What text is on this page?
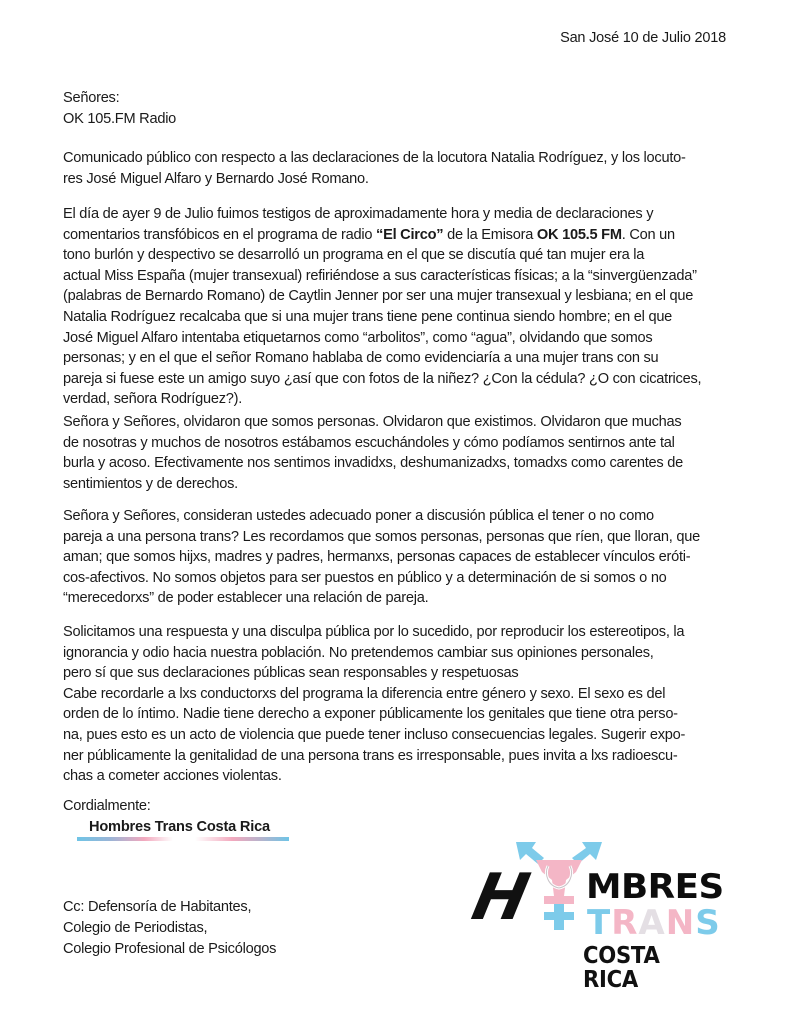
San José 10 de Julio 2018
Señores:
OK 105.FM Radio
Comunicado público con respecto a las declaraciones de la locutora Natalia Rodríguez, y los locuto-
res José Miguel Alfaro y Bernardo José Romano.
El día de ayer 9 de Julio fuimos testigos de aproximadamente hora y media de declaraciones y
comentarios transfóbicos en el programa de radio “El Circo” de la Emisora OK 105.5 FM. Con un
tono burlón y despectivo se desarrolló un programa en el que se discutía qué tan mujer era la
actual Miss España (mujer transexual) refiriéndose a sus características físicas; a la “sinvergüenzada”
(palabras de Bernardo Romano) de Caytlin Jenner por ser una mujer transexual y lesbiana; en el que
Natalia Rodríguez recalcaba que si una mujer trans tiene pene continua siendo hombre; en el que
José Miguel Alfaro intentaba etiquetarnos como “arbolitos”, como “agua”, olvidando que somos
personas; y en el que el señor Romano hablaba de como evidenciaría a una mujer trans con su
pareja si fuese este un amigo suyo ¿así que con fotos de la niñez? ¿Con la cédula? ¿O con cicatrices,
verdad, señora Rodríguez?).
Señora y Señores, olvidaron que somos personas. Olvidaron que existimos. Olvidaron que muchas
de nosotras y muchos de nosotros estábamos escuchándoles y cómo podíamos sentirnos ante tal
burla y acoso. Efectivamente nos sentimos invadidxs, deshumanizadxs, tomadxs como carentes de
sentimientos y de derechos.
Señora y Señores, consideran ustedes adecuado poner a discusión pública el tener o no como
pareja a una persona trans? Les recordamos que somos personas, personas que ríen, que lloran, que
aman; que somos hijxs, madres y padres, hermanxs, personas capaces de establecer vínculos eróti-
cos-afectivos. No somos objetos para ser puestos en público y a determinación de si somos o no
“merecedorxs” de poder establecer una relación de pareja.
Solicitamos una respuesta y una disculpa pública por lo sucedido, por reproducir los estereotipos, la
ignorancia y odio hacia nuestra población. No pretendemos cambiar sus opiniones personales,
pero sí que sus declaraciones públicas sean responsables y respetuosas
Cabe recordarle a lxs conductorxs del programa la diferencia entre género y sexo. El sexo es del
orden de lo íntimo. Nadie tiene derecho a exponer públicamente los genitales que tiene otra perso-
na, pues esto es un acto de violencia que puede tener incluso consecuencias legales. Sugerir expo-
ner públicamente la genitalidad de una persona trans es irresponsable, pues invita a lxs radioescu-
chas a cometer acciones violentas.
Cordialmente:
Hombres Trans Costa Rica
Cc: Defensoría de Habitantes,
Colegio de Periodistas,
Colegio Profesional de Psicólogos
H MBRES
TRANS
COSTA RICA
